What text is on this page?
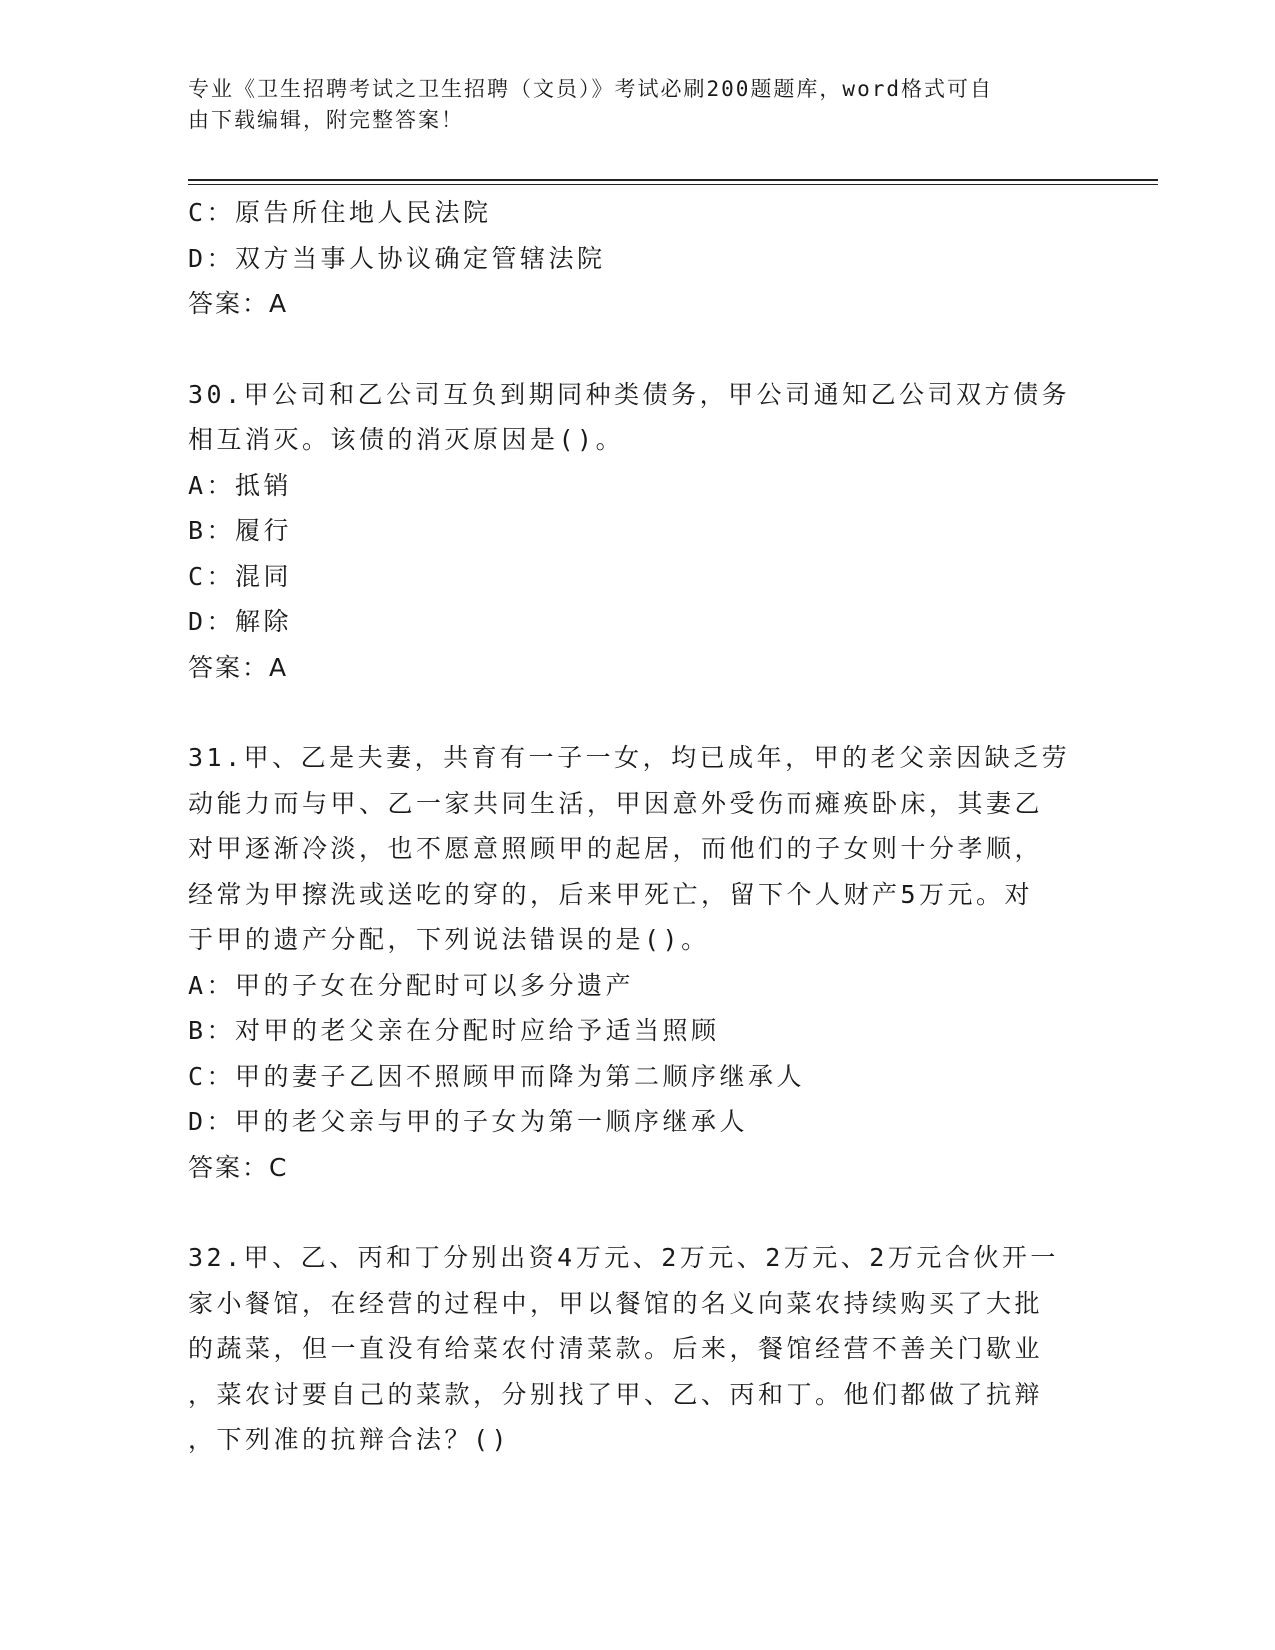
专业《卫生招聘考试之卫生招聘（文员）》考试必刷200题题库，word格式可自
由下载编辑，附完整答案！

C：原告所住地人民法院

D：双方当事人协议确定管辖法院

答案：A

30.甲公司和乙公司互负到期同种类债务，甲公司通知乙公司双方债务

相互消灭。该债的消灭原因是()。

A：抵销

B：履行

C：混同

D：解除

答案：A

31.甲、乙是夫妻，共育有一子一女，均已成年，甲的老父亲因缺乏劳

动能力而与甲、乙一家共同生活，甲因意外受伤而瘫痪卧床，其妻乙

对甲逐渐冷淡，也不愿意照顾甲的起居，而他们的子女则十分孝顺，

经常为甲擦洗或送吃的穿的，后来甲死亡，留下个人财产5万元。对

于甲的遗产分配，下列说法错误的是()。

A：甲的子女在分配时可以多分遗产

B：对甲的老父亲在分配时应给予适当照顾

C：甲的妻子乙因不照顾甲而降为第二顺序继承人

D：甲的老父亲与甲的子女为第一顺序继承人

答案：C

32.甲、乙、丙和丁分别出资4万元、2万元、2万元、2万元合伙开一

家小餐馆，在经营的过程中，甲以餐馆的名义向菜农持续购买了大批

的蔬菜，但一直没有给菜农付清菜款。后来，餐馆经营不善关门歇业

，菜农讨要自己的菜款，分别找了甲、乙、丙和丁。他们都做了抗辩

，下列准的抗辩合法？()
